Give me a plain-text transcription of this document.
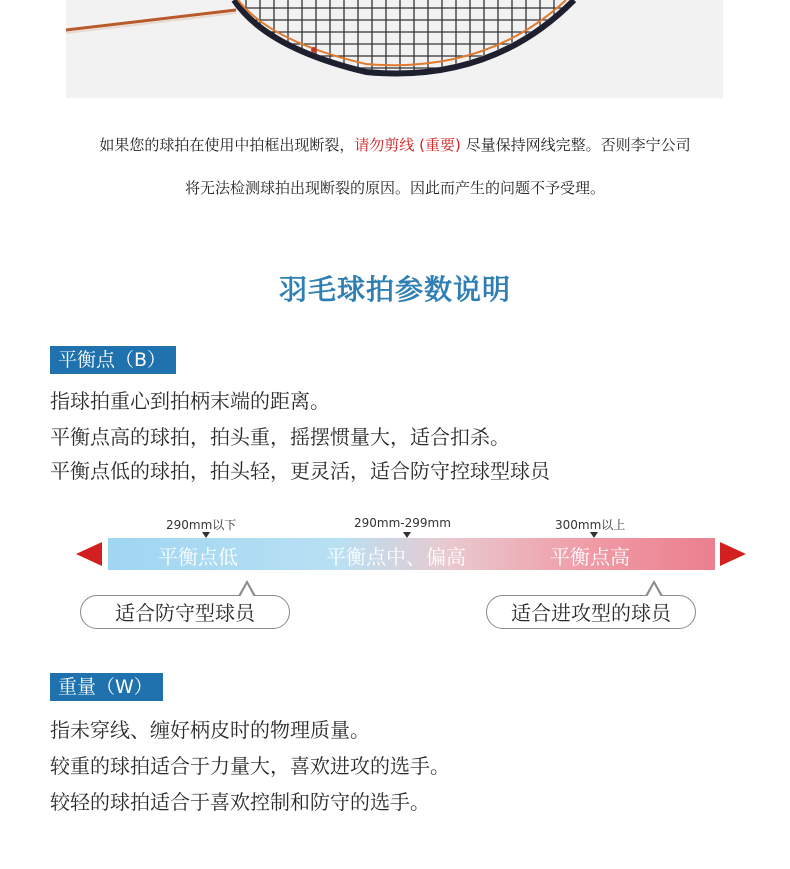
如果您的球拍在使用中拍框出现断裂，请勿剪线 (重要) 尽量保持网线完整。否则李宁公司
将无法检测球拍出现断裂的原因。因此而产生的问题不予受理。
羽毛球拍参数说明
平衡点（B）
指球拍重心到拍柄末端的距离。
平衡点高的球拍，拍头重，摇摆惯量大，适合扣杀。
平衡点低的球拍，拍头轻，更灵活，适合防守控球型球员
290mm以下	290mm-299mm	300mm以上
平衡点低	平衡点中、偏高	平衡点高
适合防守型球员	适合进攻型的球员
重量（W）
指未穿线、缠好柄皮时的物理质量。
较重的球拍适合于力量大，喜欢进攻的选手。
较轻的球拍适合于喜欢控制和防守的选手。
